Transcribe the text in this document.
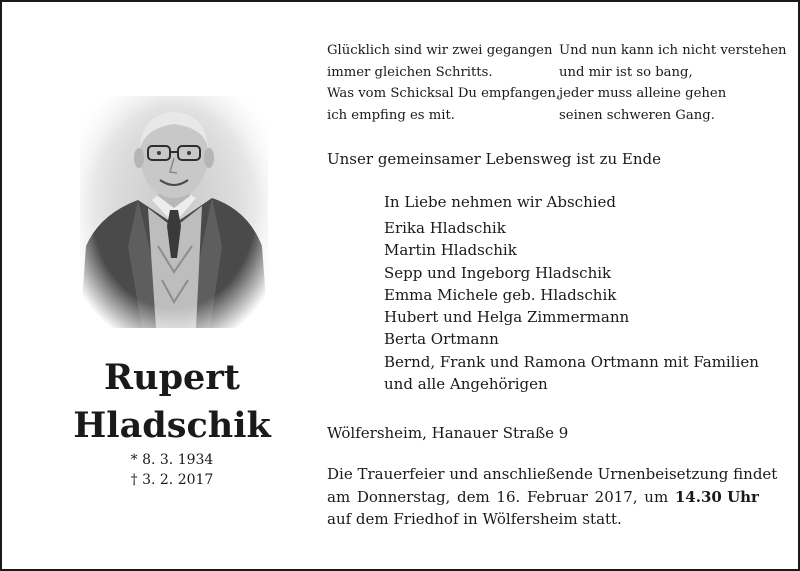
Glücklich sind wir zwei gegangen
immer gleichen Schritts.
Was vom Schicksal Du empfangen,
ich empfing es mit.
Und nun kann ich nicht verstehen
und mir ist so bang,
jeder muss alleine gehen
seinen schweren Gang.
Rupert
Hladschik
* 8. 3. 1934
† 3. 2. 2017
Unser gemeinsamer Lebensweg ist zu Ende
In Liebe nehmen wir Abschied
Erika Hladschik
Martin Hladschik
Sepp und Ingeborg Hladschik
Emma Michele geb. Hladschik
Hubert und Helga Zimmermann
Berta Ortmann
Bernd, Frank und Ramona Ortmann mit Familien
und alle Angehörigen
Wölfersheim, Hanauer Straße 9
Die Trauerfeier und anschließende Urnenbeisetzung findet
am Donnerstag, dem 16. Februar 2017, um 14.30 Uhr
auf dem Friedhof in Wölfersheim statt.
